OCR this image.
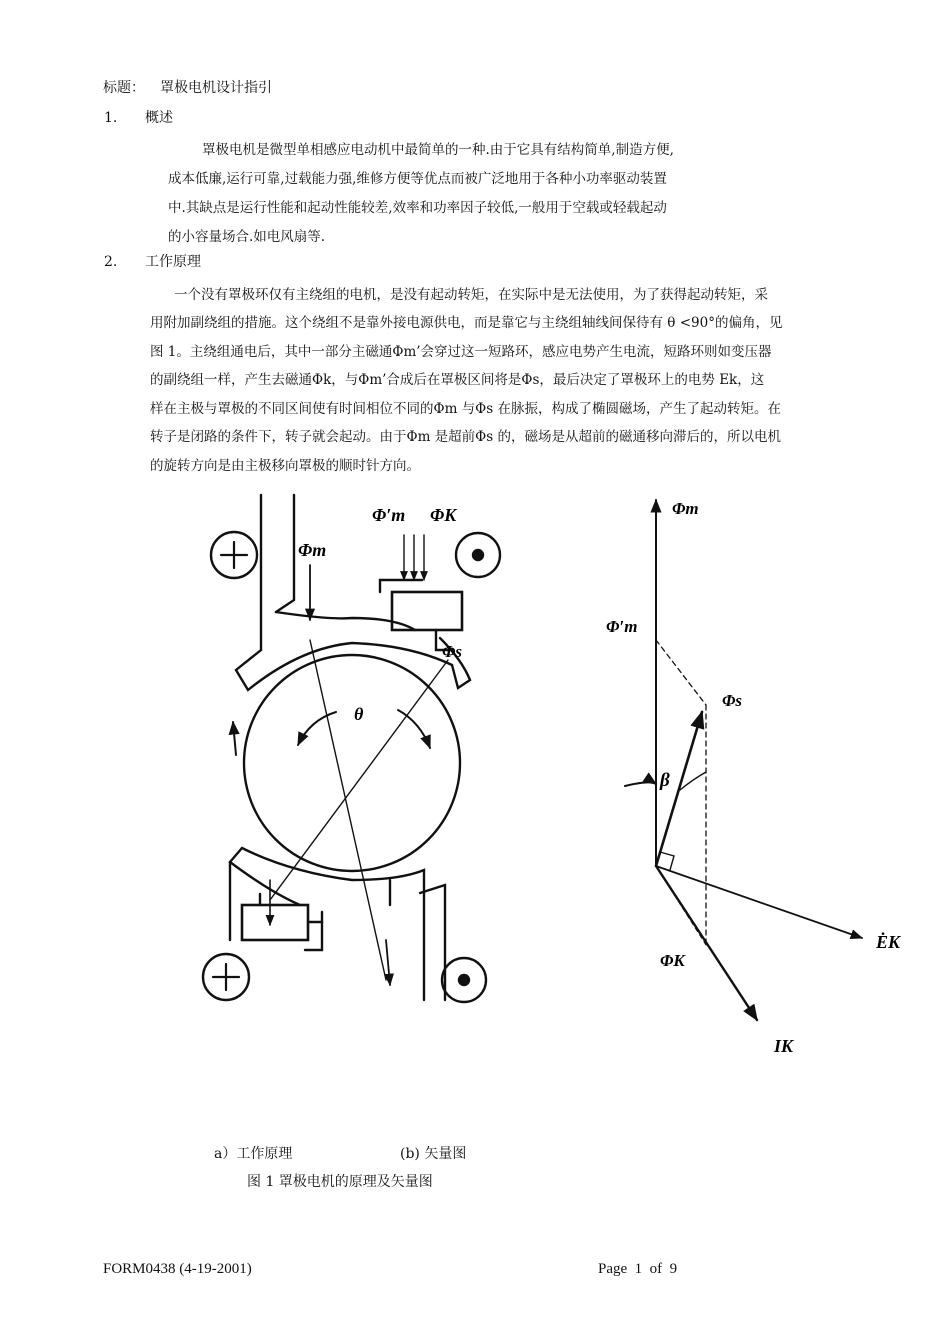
标题： 罩极电机设计指引
1. 概述
罩极电机是微型单相感应电动机中最简单的一种.由于它具有结构简单,制造方便,
成本低廉,运行可靠,过载能力强,维修方便等优点而被广泛地用于各种小功率驱动装置
中.其缺点是运行性能和起动性能较差,效率和功率因子较低,一般用于空载或轻载起动
的小容量场合.如电风扇等.
2. 工作原理
一个没有罩极环仅有主绕组的电机，是没有起动转矩，在实际中是无法使用，为了获得起动转矩，采
用附加副绕组的措施。这个绕组不是靠外接电源供电，而是靠它与主绕组轴线间保待有 θ <90°的偏角，见
图 1。主绕组通电后，其中一部分主磁通Φm’会穿过这一短路环，感应电势产生电流，短路环则如变压器
的副绕组一样，产生去磁通Φk，与Φm’合成后在罩极区间将是Φs，最后决定了罩极环上的电势 Ek，这
样在主极与罩极的不同区间使有时间相位不同的Φm 与Φs 在脉振，构成了椭圆磁场，产生了起动转矩。在
转子是闭路的条件下，转子就会起动。由于Φm 是超前Φs 的，磁场是从超前的磁通移向滞后的，所以电机
的旋转方向是由主极移向罩极的顺时针方向。
Φ′m ΦK
Φm
Φs
θ
Φm
Φ′m
Φs
β
ĖK
ΦK
IK
a）工作原理	(b) 矢量图
图 1 罩极电机的原理及矢量图
FORM0438 (4-19-2001)	Page  1  of  9
